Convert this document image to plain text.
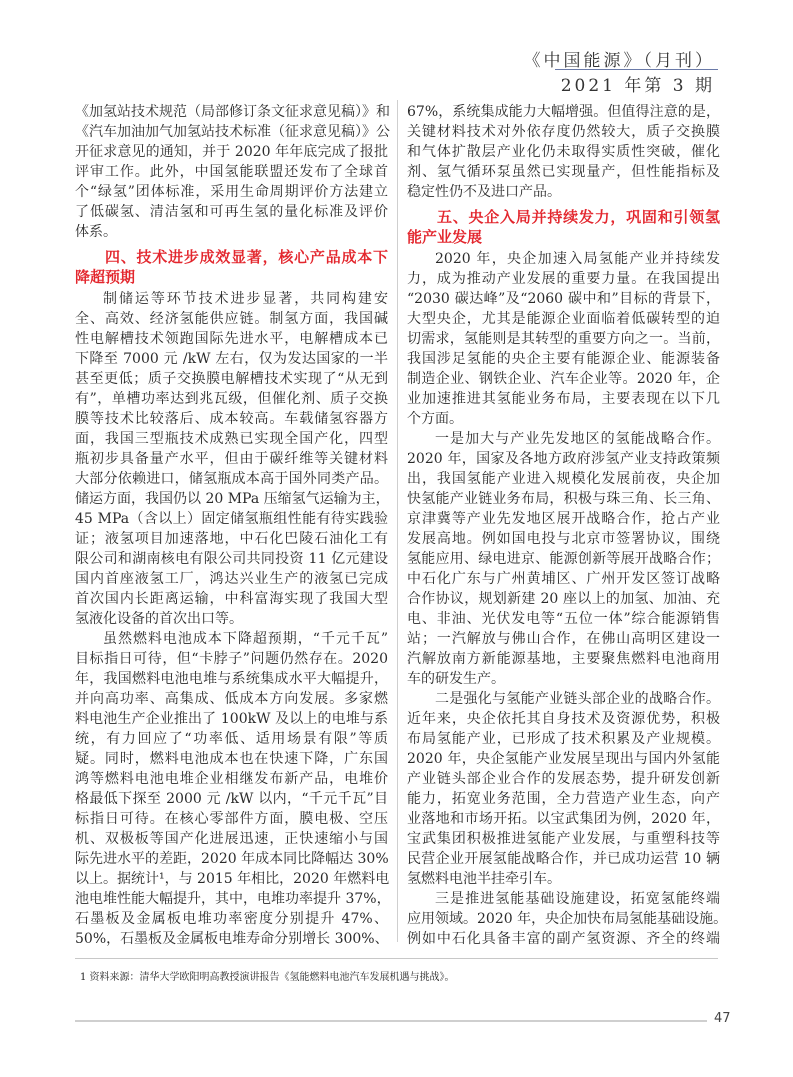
《中国能源》（月刊）
2021 年第 3 期
《加氢站技术规范（局部修订条文征求意见稿）》和
《汽车加油加气加氢站技术标准（征求意见稿）》公
开征求意见的通知，并于 2020 年年底完成了报批
评审工作。此外，中国氢能联盟还发布了全球首
个“绿氢”团体标准，采用生命周期评价方法建立
了低碳氢、清洁氢和可再生氢的量化标准及评价
体系。
四、技术进步成效显著，核心产品成本下
降超预期
制储运等环节技术进步显著，共同构建安
全、高效、经济氢能供应链。制氢方面，我国碱
性电解槽技术领跑国际先进水平，电解槽成本已
下降至 7000 元 /kW 左右，仅为发达国家的一半
甚至更低；质子交换膜电解槽技术实现了“从无到
有”，单槽功率达到兆瓦级，但催化剂、质子交换
膜等技术比较落后、成本较高。车载储氢容器方
面，我国三型瓶技术成熟已实现全国产化，四型
瓶初步具备量产水平，但由于碳纤维等关键材料
大部分依赖进口，储氢瓶成本高于国外同类产品。
储运方面，我国仍以 20 MPa 压缩氢气运输为主，
45 MPa（含以上）固定储氢瓶组性能有待实践验
证；液氢项目加速落地，中石化巴陵石油化工有
限公司和湖南核电有限公司共同投资 11 亿元建设
国内首座液氢工厂，鸿达兴业生产的液氢已完成
首次国内长距离运输，中科富海实现了我国大型
氢液化设备的首次出口等。
虽然燃料电池成本下降超预期，“千元千瓦”
目标指日可待，但“卡脖子”问题仍然存在。2020
年，我国燃料电池电堆与系统集成水平大幅提升，
并向高功率、高集成、低成本方向发展。多家燃
料电池生产企业推出了 100kW 及以上的电堆与系
统，有力回应了“功率低、适用场景有限”等质
疑。同时，燃料电池成本也在快速下降，广东国
鸿等燃料电池电堆企业相继发布新产品，电堆价
格最低下探至 2000 元 /kW 以内，“千元千瓦”目
标指日可待。在核心零部件方面，膜电极、空压
机、双极板等国产化进展迅速，正快速缩小与国
际先进水平的差距，2020 年成本同比降幅达 30%
以上。据统计¹，与 2015 年相比，2020 年燃料电
池电堆性能大幅提升，其中，电堆功率提升 37%，
石墨板及金属板电堆功率密度分别提升 47%、
50%，石墨板及金属板电堆寿命分别增长 300%、
67%，系统集成能力大幅增强。但值得注意的是，
关键材料技术对外依存度仍然较大，质子交换膜
和气体扩散层产业化仍未取得实质性突破，催化
剂、氢气循环泵虽然已实现量产，但性能指标及
稳定性仍不及进口产品。
五、央企入局并持续发力，巩固和引领氢
能产业发展
2020 年，央企加速入局氢能产业并持续发
力，成为推动产业发展的重要力量。在我国提出
“2030 碳达峰”及“2060 碳中和”目标的背景下，
大型央企，尤其是能源企业面临着低碳转型的迫
切需求，氢能则是其转型的重要方向之一。当前，
我国涉足氢能的央企主要有能源企业、能源装备
制造企业、钢铁企业、汽车企业等。2020 年，企
业加速推进其氢能业务布局，主要表现在以下几
个方面。
一是加大与产业先发地区的氢能战略合作。
2020 年，国家及各地方政府涉氢产业支持政策频
出，我国氢能产业进入规模化发展前夜，央企加
快氢能产业链业务布局，积极与珠三角、长三角、
京津冀等产业先发地区展开战略合作，抢占产业
发展高地。例如国电投与北京市签署协议，围绕
氢能应用、绿电进京、能源创新等展开战略合作；
中石化广东与广州黄埔区、广州开发区签订战略
合作协议，规划新建 20 座以上的加氢、加油、充
电、非油、光伏发电等“五位一体”综合能源销售
站；一汽解放与佛山合作，在佛山高明区建设一
汽解放南方新能源基地，主要聚焦燃料电池商用
车的研发生产。
二是强化与氢能产业链头部企业的战略合作。
近年来，央企依托其自身技术及资源优势，积极
布局氢能产业，已形成了技术积累及产业规模。
2020 年，央企氢能产业发展呈现出与国内外氢能
产业链头部企业合作的发展态势，提升研发创新
能力，拓宽业务范围，全力营造产业生态，向产
业落地和市场开拓。以宝武集团为例，2020 年，
宝武集团积极推进氢能产业发展，与重塑科技等
民营企业开展氢能战略合作，并已成功运营 10 辆
氢燃料电池半挂牵引车。
三是推进氢能基础设施建设，拓宽氢能终端
应用领域。2020 年，央企加快布局氢能基础设施。
例如中石化具备丰富的副产氢资源、齐全的终端
1 资料来源：清华大学欧阳明高教授演讲报告《氢能燃料电池汽车发展机遇与挑战》。
47
